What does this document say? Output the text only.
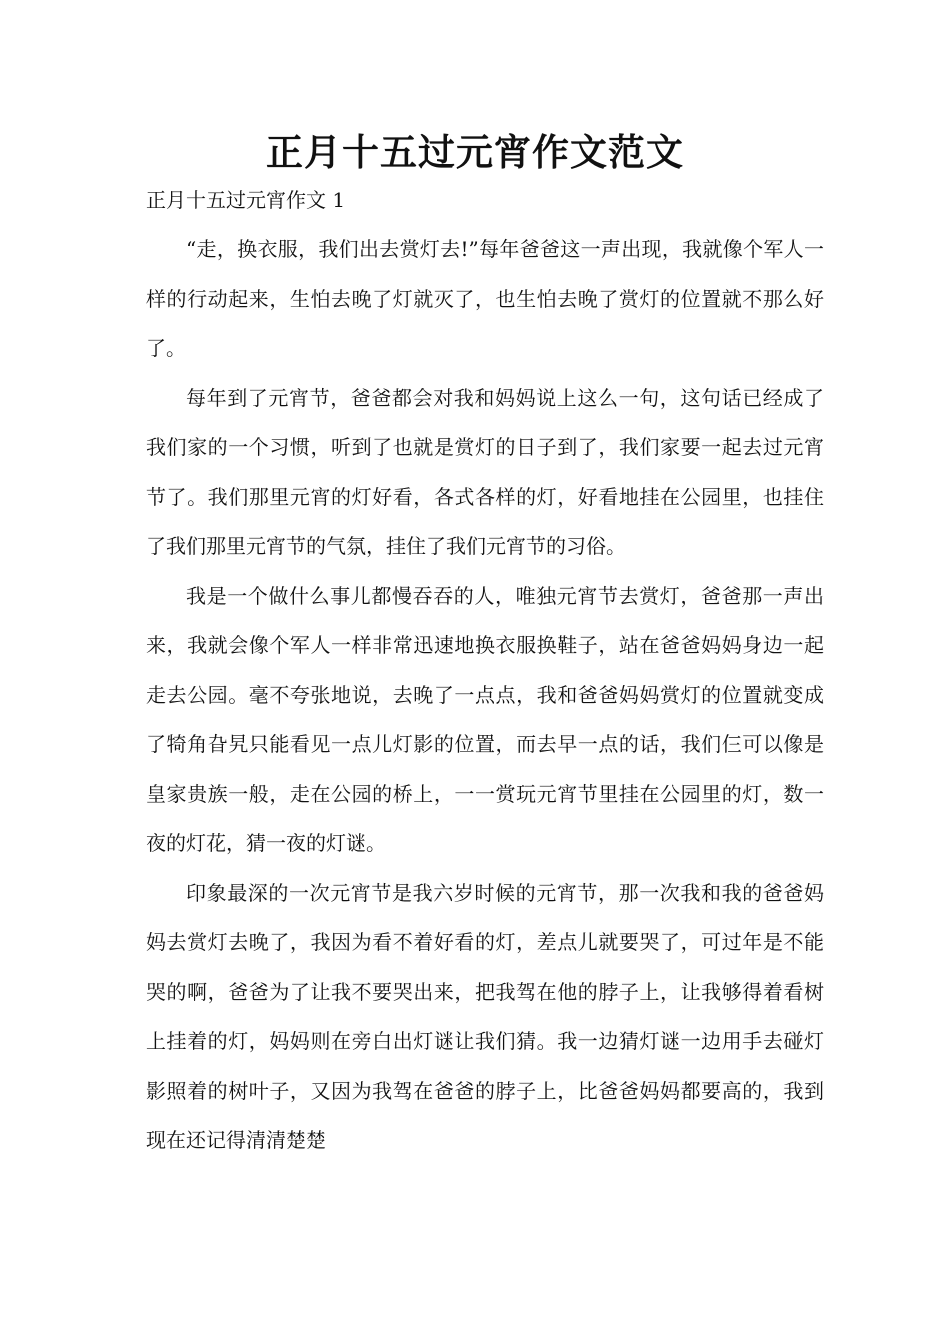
正月十五过元宵作文范文

正月十五过元宵作文 1

“走，换衣服，我们出去赏灯去!”每年爸爸这一声出现，我就像个军人一样的行动起来，生怕去晚了灯就灭了，也生怕去晚了赏灯的位置就不那么好了。

每年到了元宵节，爸爸都会对我和妈妈说上这么一句，这句话已经成了我们家的一个习惯，听到了也就是赏灯的日子到了，我们家要一起去过元宵节了。我们那里元宵的灯好看，各式各样的灯，好看地挂在公园里，也挂住了我们那里元宵节的气氛，挂住了我们元宵节的习俗。

我是一个做什么事儿都慢吞吞的人，唯独元宵节去赏灯，爸爸那一声出来，我就会像个军人一样非常迅速地换衣服换鞋子，站在爸爸妈妈身边一起走去公园。毫不夸张地说，去晚了一点点，我和爸爸妈妈赏灯的位置就变成了犄角旮旯只能看见一点儿灯影的位置，而去早一点的话，我们仨可以像是皇家贵族一般，走在公园的桥上，一一赏玩元宵节里挂在公园里的灯，数一夜的灯花，猜一夜的灯谜。

印象最深的一次元宵节是我六岁时候的元宵节，那一次我和我的爸爸妈妈去赏灯去晚了，我因为看不着好看的灯，差点儿就要哭了，可过年是不能哭的啊，爸爸为了让我不要哭出来，把我驾在他的脖子上，让我够得着看树上挂着的灯，妈妈则在旁白出灯谜让我们猜。我一边猜灯谜一边用手去碰灯影照着的树叶子，又因为我驾在爸爸的脖子上，比爸爸妈妈都要高的，我到现在还记得清清楚楚
